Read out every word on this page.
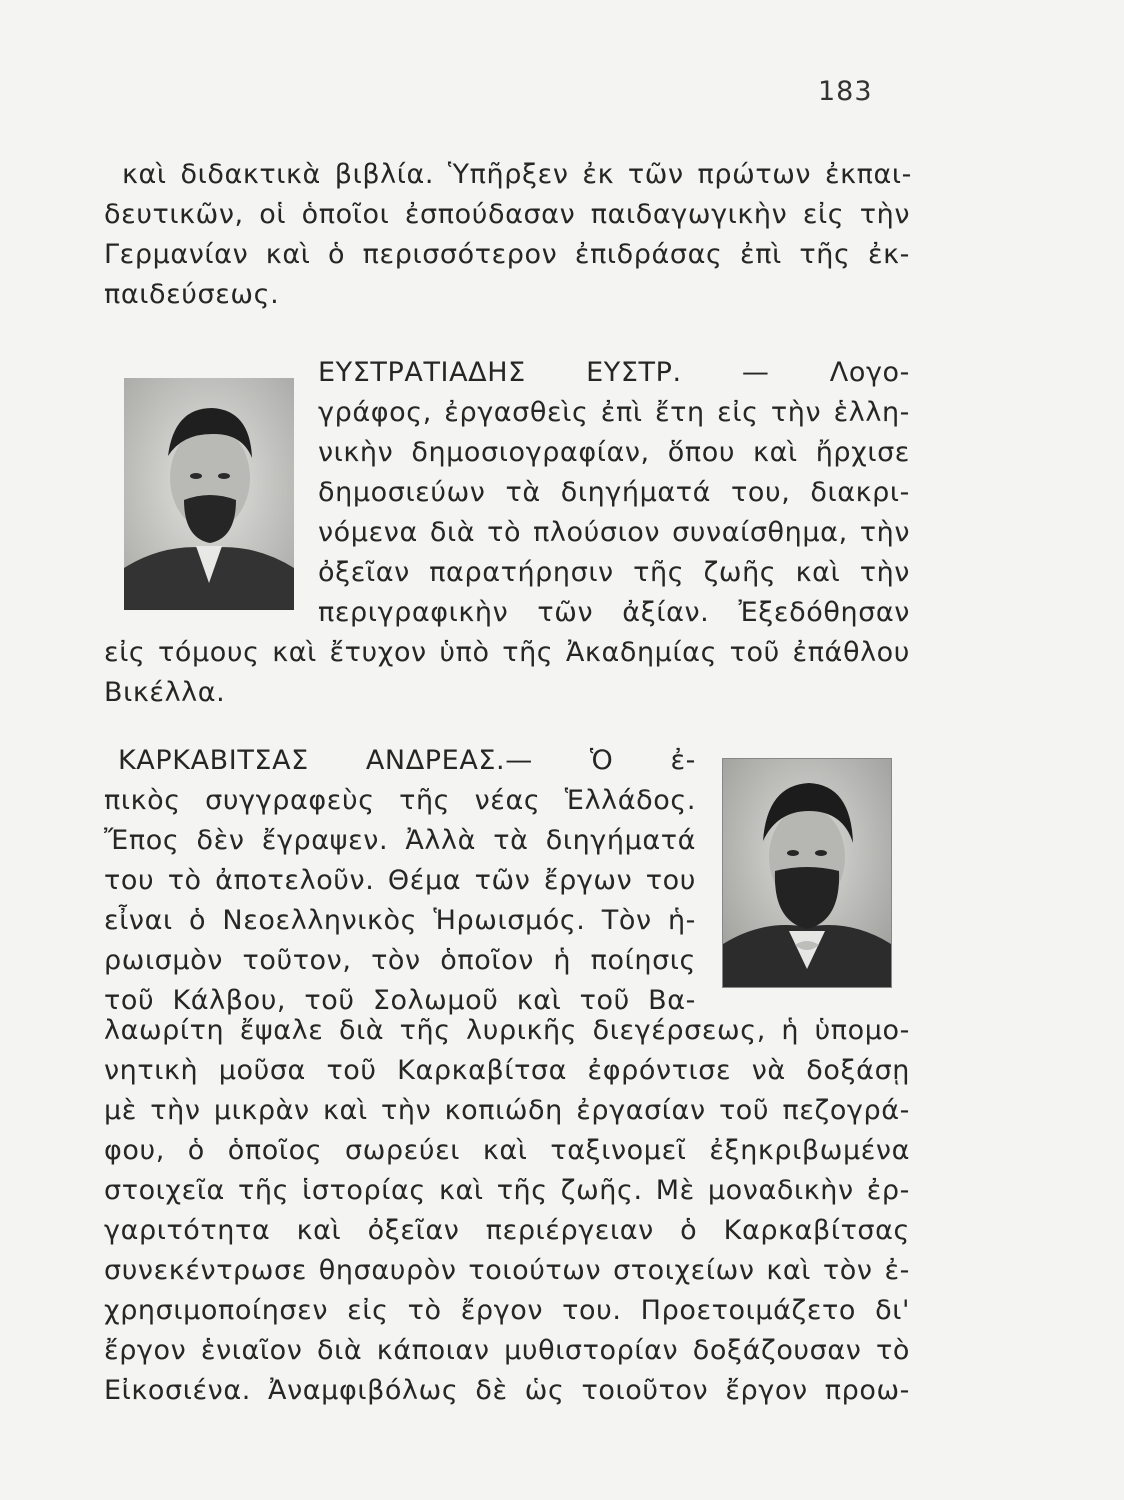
183
καὶ διδακτικὰ βιβλία. Ὑπῆρξεν ἐκ τῶν πρώτων ἐκπαι-
δευτικῶν, οἱ ὁποῖοι ἐσπούδασαν παιδαγωγικὴν εἰς τὴν
Γερμανίαν καὶ ὁ περισσότερον ἐπιδράσας ἐπὶ τῆς ἐκ-
παιδεύσεως.
ΕΥΣΤΡΑΤΙΑΔΗΣ ΕΥΣΤΡ. — Λογο-
γράφος, ἐργασθεὶς ἐπὶ ἔτη εἰς τὴν ἑλλη-
νικὴν δημοσιογραφίαν, ὅπου καὶ ἤρχισε
δημοσιεύων τὰ διηγήματά του, διακρι-
νόμενα διὰ τὸ πλούσιον συναίσθημα, τὴν
ὀξεῖαν παρατήρησιν τῆς ζωῆς καὶ τὴν
περιγραφικὴν τῶν ἀξίαν. Ἐξεδόθησαν
εἰς τόμους καὶ ἔτυχον ὑπὸ τῆς Ἀκαδημίας τοῦ ἐπάθλου
Βικέλλα.
ΚΑΡΚΑΒΙΤΣΑΣ ΑΝΔΡΕΑΣ.— Ὁ ἐ-
πικὸς συγγραφεὺς τῆς νέας Ἑλλάδος.
Ἔπος δὲν ἔγραψεν. Ἀλλὰ τὰ διηγήματά
του τὸ ἀποτελοῦν. Θέμα τῶν ἔργων του
εἶναι ὁ Νεοελληνικὸς Ἡρωισμός. Τὸν ἡ-
ρωισμὸν τοῦτον, τὸν ὁποῖον ἡ ποίησις
τοῦ Κάλβου, τοῦ Σολωμοῦ καὶ τοῦ Βα-
λαωρίτη ἔψαλε διὰ τῆς λυρικῆς διεγέρσεως, ἡ ὑπομο-
νητικὴ μοῦσα τοῦ Καρκαβίτσα ἐφρόντισε νὰ δοξάσῃ
μὲ τὴν μικρὰν καὶ τὴν κοπιώδη ἐργασίαν τοῦ πεζογρά-
φου, ὁ ὁποῖος σωρεύει καὶ ταξινομεῖ ἐξηκριβωμένα
στοιχεῖα τῆς ἱστορίας καὶ τῆς ζωῆς. Μὲ μοναδικὴν ἐρ-
γαριτότητα καὶ ὀξεῖαν περιέργειαν ὁ Καρκαβίτσας
συνεκέντρωσε θησαυρὸν τοιούτων στοιχείων καὶ τὸν ἐ-
χρησιμοποίησεν εἰς τὸ ἔργον του. Προετοιμάζετο δι'
ἔργον ἑνιαῖον διὰ κάποιαν μυθιστορίαν δοξάζουσαν τὸ
Εἰκοσιένα. Ἀναμφιβόλως δὲ ὡς τοιοῦτον ἔργον προω-
